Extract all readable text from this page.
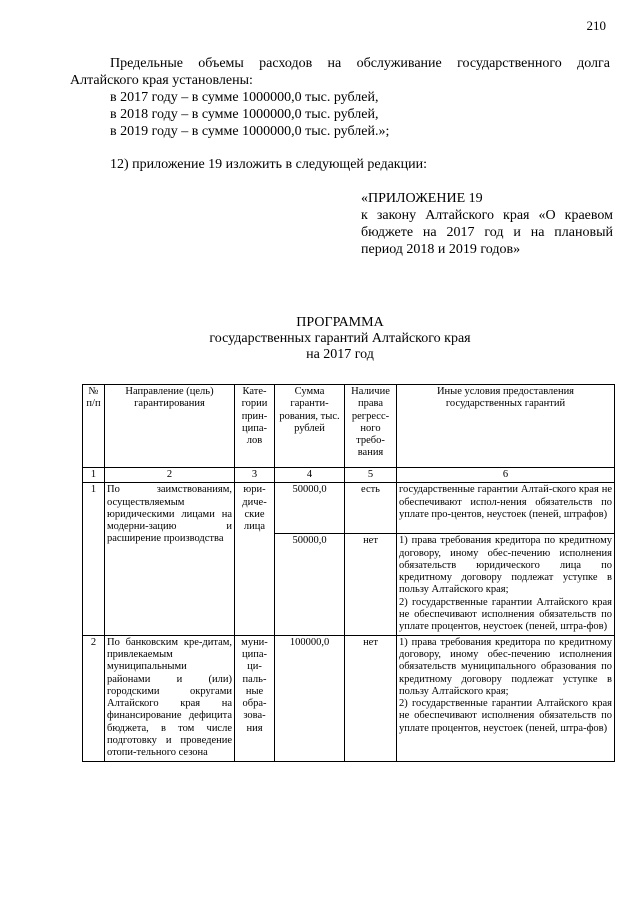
210

Предельные объемы расходов на обслуживание государственного долга Алтайского края установлены:

в 2017 году – в сумме 1000000,0 тыс. рублей,

в 2018 году – в сумме 1000000,0 тыс. рублей,

в 2019 году – в сумме 1000000,0 тыс. рублей.»;

12) приложение 19 изложить в следующей редакции:

«ПРИЛОЖЕНИЕ 19
к закону Алтайского края «О краевом бюджете на 2017 год и на плановый период 2018 и 2019 годов»
ПРОГРАММА
государственных гарантий Алтайского края
на 2017 год
№ п/п	Направление (цель) гарантирования	Кате-гории прин-ципа-лов	Сумма гаранти-рования, тыс. рублей	Наличие права регресс-ного требо-вания	Иные условия предоставления государственных гарантий
1	2	3	4	5	6
1	По заимствованиям, осуществляемым юридическими лицами на модерни-зацию и расширение производства	юри-диче-ские лица	50000,0	есть	государственные гарантии Алтай-ского края не обеспечивают испол-нения обязательств по уплате про-центов, неустоек (пеней, штрафов)
			50000,0	нет	1) права требования кредитора по кредитному договору, иному обес-печению исполнения обязательств юридического лица по кредитному договору подлежат уступке в пользу Алтайского края;
2) государственные гарантии Алтайского края не обеспечивают исполнения обязательств по уплате процентов, неустоек (пеней, штра-фов)

2	По банковским кре-дитам, привлекаемым муниципальными районами и (или) городскими округами Алтайского края на финансирование дефицита бюджета, в том числе подготовку и проведение отопи-тельного сезона	муни-ципа-ци-паль-ные обра-зова-ния	100000,0	нет	1) права требования кредитора по кредитному договору, иному обес-печению исполнения обязательств муниципального образования по кредитному договору подлежат уступке в пользу Алтайского края;
2) государственные гарантии Алтайского края не обеспечивают исполнения обязательств по уплате процентов, неустоек (пеней, штра-фов)
